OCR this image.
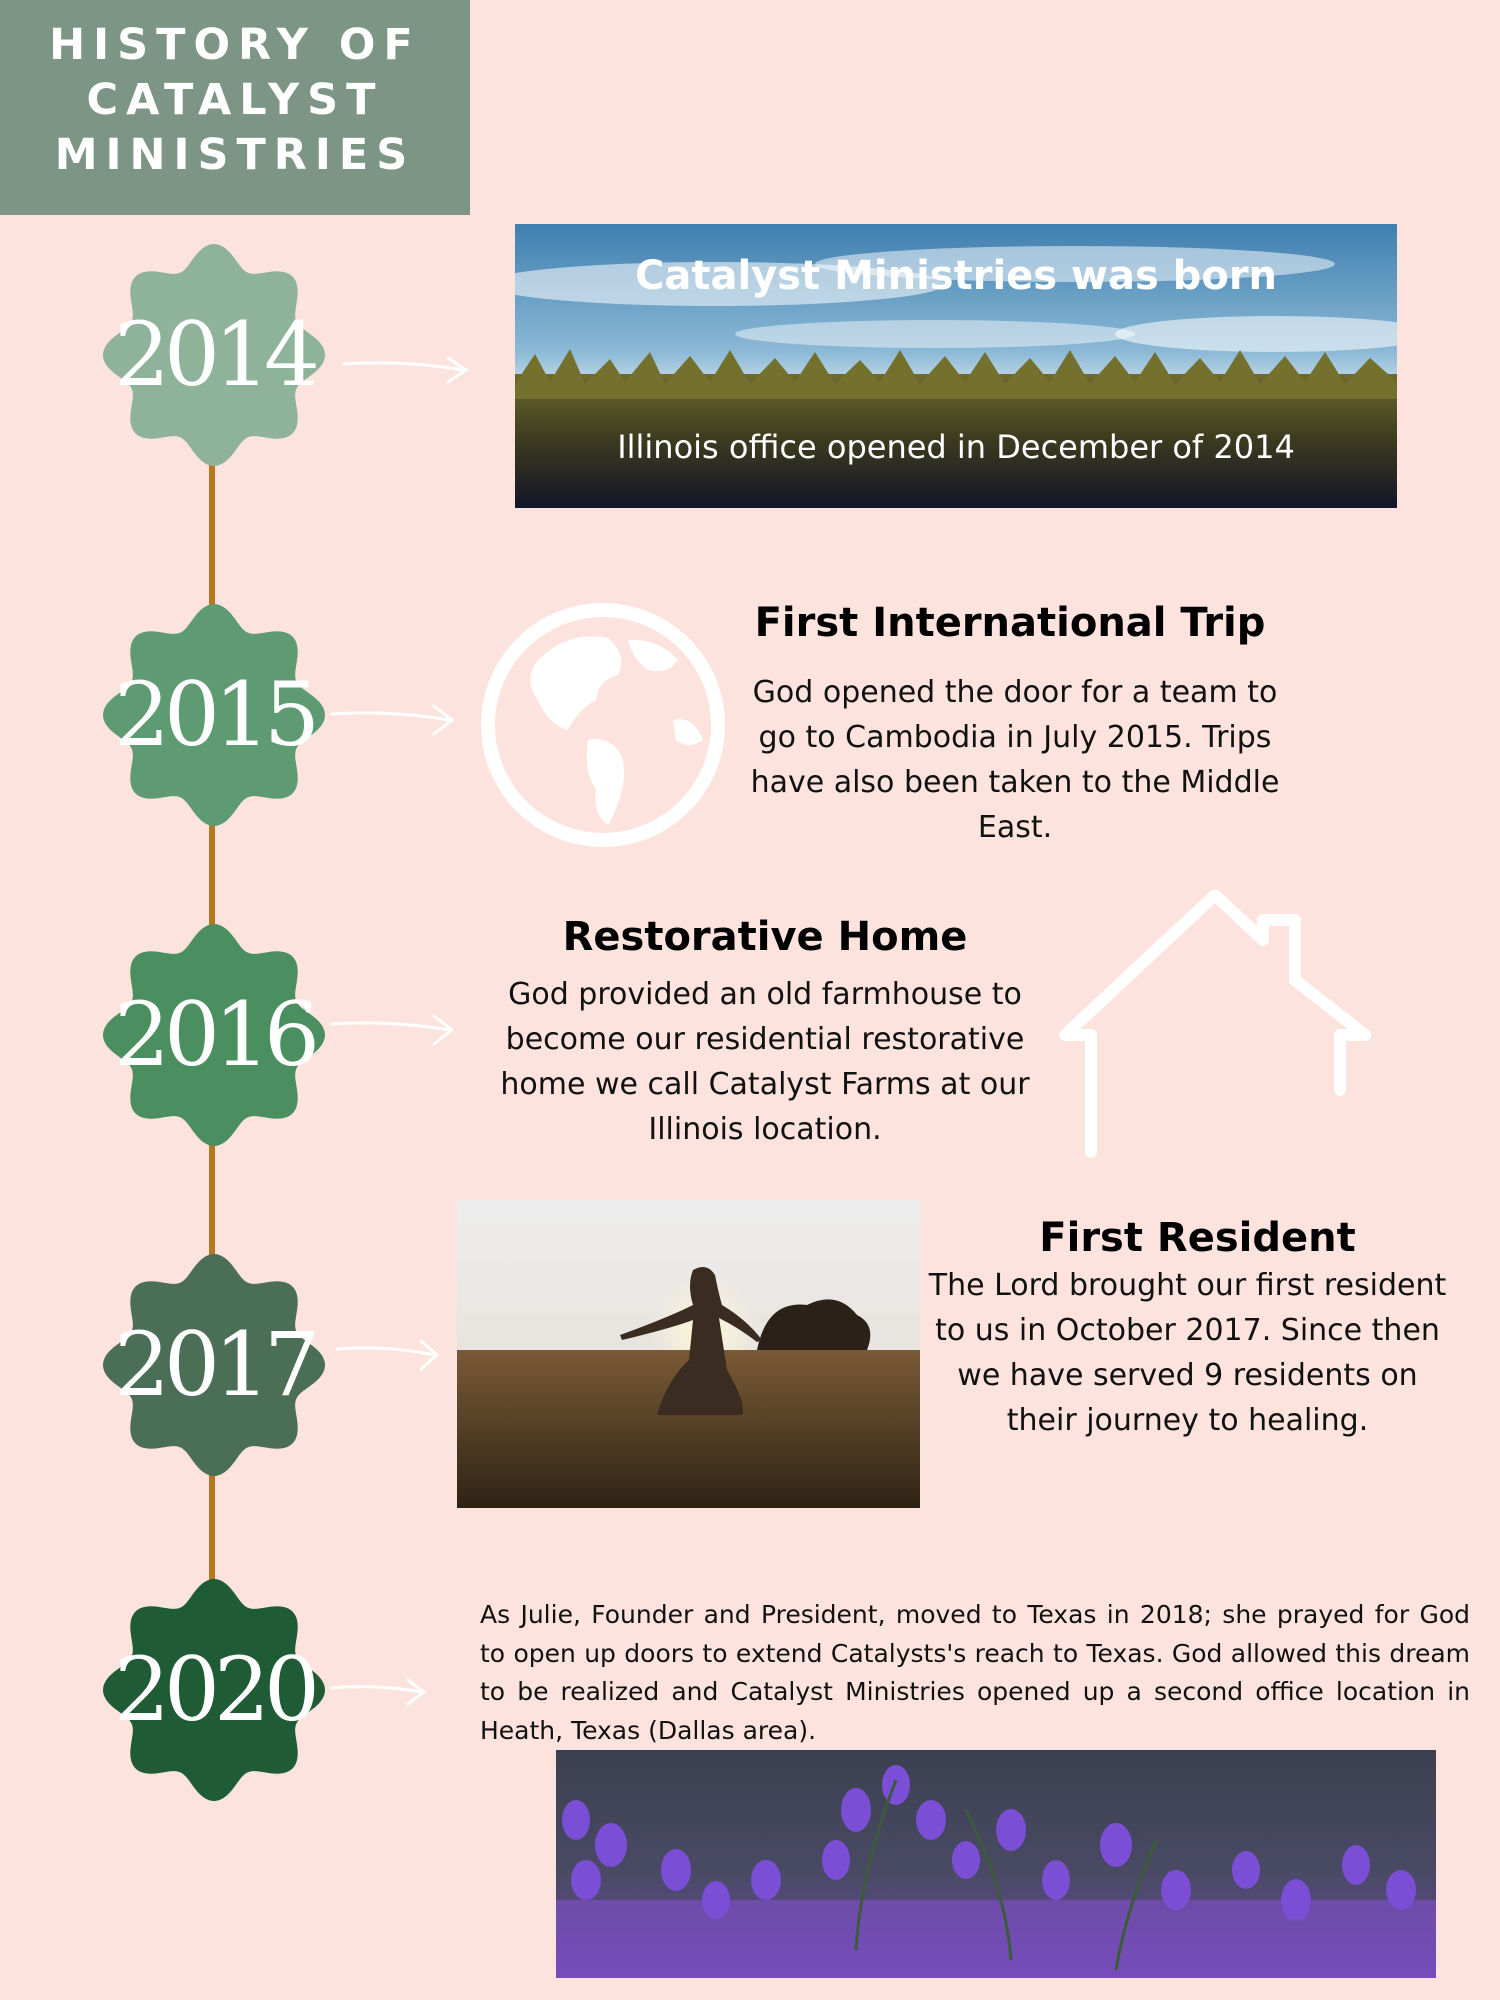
HISTORY OF
CATALYST
MINISTRIES
2014
2015
2016
2017
2020
Catalyst Ministries was born
Illinois office opened in December of 2014
First International Trip
God opened the door for a team to
go to Cambodia in July 2015. Trips
have also been taken to the Middle
East.
Restorative Home
God provided an old farmhouse to
become our residential restorative
home we call Catalyst Farms at our
Illinois location.
First Resident
The Lord brought our first resident
to us in October 2017. Since then
we have served 9 residents on
their journey to healing.
As Julie, Founder and President, moved to Texas in 2018; she prayed for God to open up doors to extend Catalysts's reach to Texas. God allowed this dream to be realized and Catalyst Ministries opened up a second office location in Heath, Texas (Dallas area).
